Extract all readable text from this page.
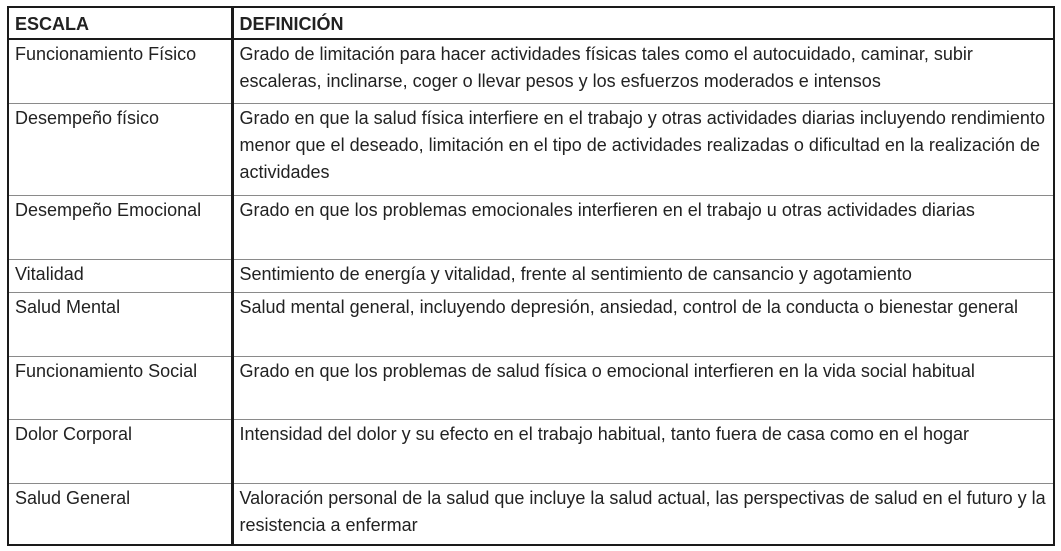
ESCALA	DEFINICIÓN
Funcionamiento Físico	Grado de limitación para hacer actividades físicas tales como el autocuidado, caminar, subir escaleras, inclinarse, coger o llevar pesos y los esfuerzos moderados e intensos
Desempeño físico	Grado en que la salud física interfiere en el trabajo y otras actividades diarias incluyendo rendimiento menor que el deseado, limitación en el tipo de actividades realizadas o dificultad en la realización de actividades
Desempeño Emocional	Grado en que los problemas emocionales interfieren en el trabajo u otras actividades diarias
Vitalidad	Sentimiento de energía y vitalidad, frente al sentimiento de cansancio y agotamiento
Salud Mental	Salud mental general, incluyendo depresión, ansiedad, control de la conducta o bienestar general
Funcionamiento Social	Grado en que los problemas de salud física o emocional interfieren en la vida social habitual
Dolor Corporal	Intensidad del dolor y su efecto en el trabajo habitual, tanto fuera de casa como en el hogar
Salud General	Valoración personal de la salud que incluye la salud actual, las perspectivas de salud en el futuro y la resistencia a enfermar
